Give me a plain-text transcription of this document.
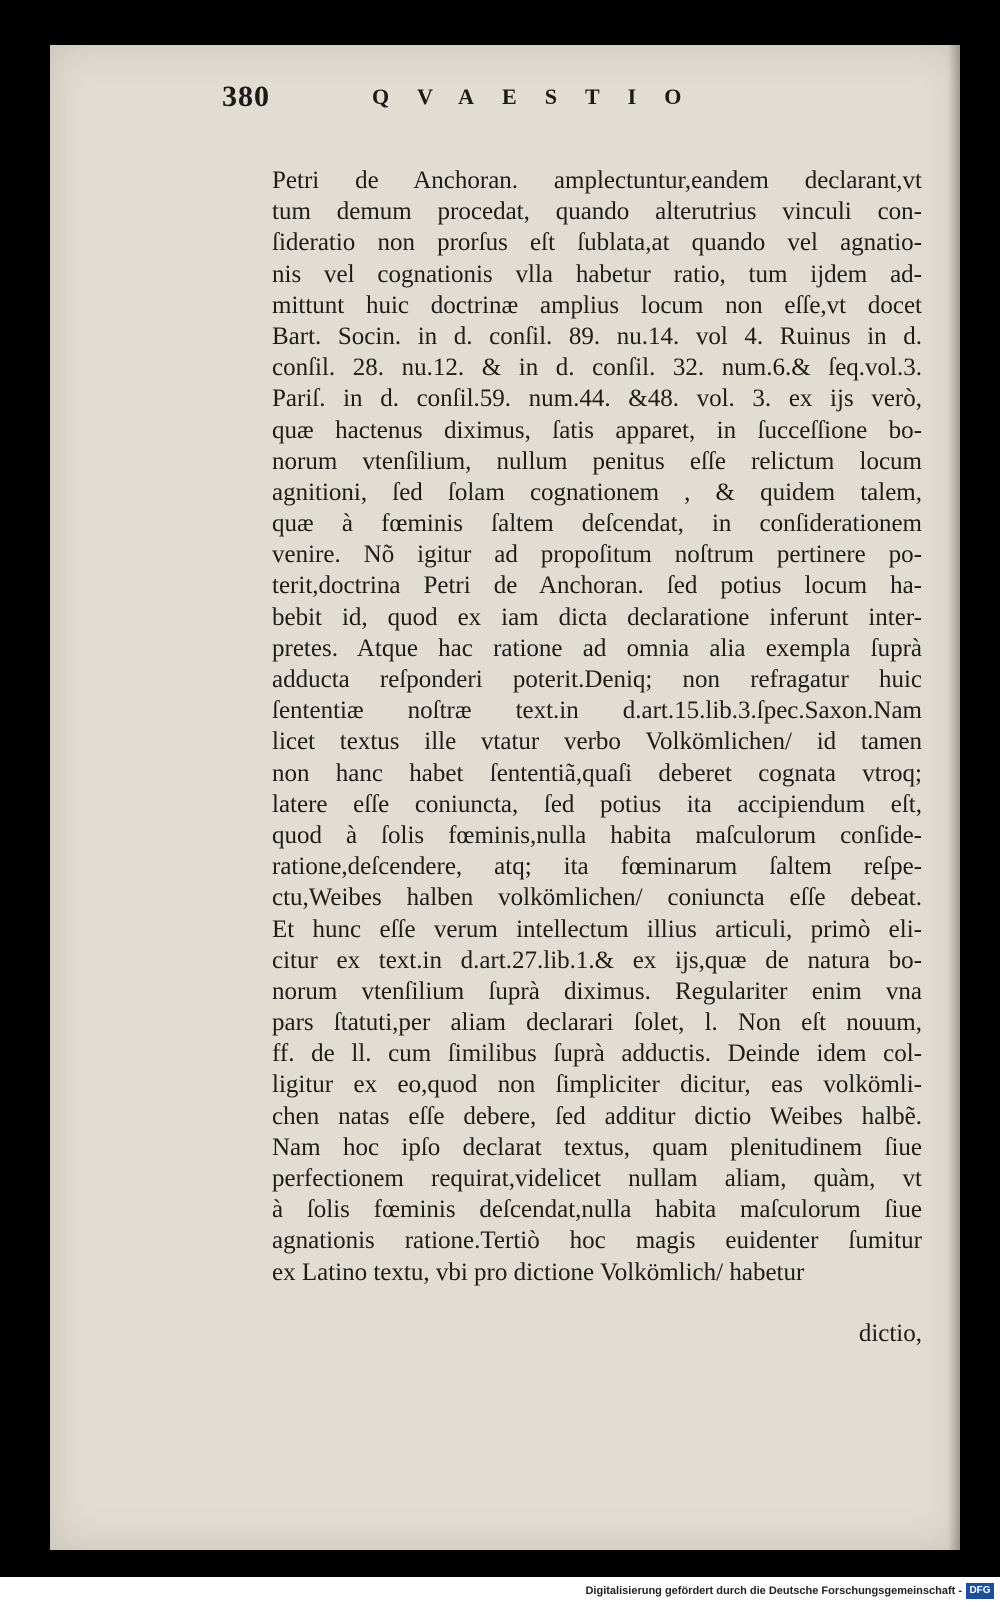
380	QVAESTIO
Petri de Anchoran. amplectuntur,eandem declarant,vt
tum demum procedat, quando alterutrius vinculi con-
ſideratio non prorſus eſt ſublata,at quando vel agnatio-
nis vel cognationis vlla habetur ratio, tum ijdem ad-
mittunt huic doctrinæ amplius locum non eſſe,vt docet
Bart. Socin. in d. conſil. 89. nu.14. vol 4. Ruinus in d.
conſil. 28. nu.12. & in d. conſil. 32. num.6.& ſeq.vol.3.
Pariſ. in d. conſil.59. num.44. &48. vol. 3. ex ijs verò,
quæ hactenus diximus, ſatis apparet, in ſucceſſione bo-
norum vtenſilium, nullum penitus eſſe relictum locum
agnitioni, ſed ſolam cognationem , & quidem talem,
quæ à fœminis ſaltem deſcendat, in conſiderationem
venire. Nõ igitur ad propoſitum noſtrum pertinere po-
terit,doctrina Petri de Anchoran. ſed potius locum ha-
bebit id, quod ex iam dicta declaratione inferunt inter-
pretes. Atque hac ratione ad omnia alia exempla ſuprà
adducta reſponderi poterit.Deniq; non refragatur huic
ſententiæ noſtræ text.in d.art.15.lib.3.ſpec.Saxon.Nam
licet textus ille vtatur verbo Volkömlichen/ id tamen
non hanc habet ſententiã,quaſi deberet cognata vtroq;
latere eſſe coniuncta, ſed potius ita accipiendum eſt,
quod à ſolis fœminis,nulla habita maſculorum conſide-
ratione,deſcendere, atq; ita fœminarum ſaltem reſpe-
ctu,Weibes halben volkömlichen/ coniuncta eſſe debeat.
Et hunc eſſe verum intellectum illius articuli, primò eli-
citur ex text.in d.art.27.lib.1.& ex ijs,quæ de natura bo-
norum vtenſilium ſuprà diximus. Regulariter enim vna
pars ſtatuti,per aliam declarari ſolet, l. Non eſt nouum,
ff. de ll. cum ſimilibus ſuprà adductis. Deinde idem col-
ligitur ex eo,quod non ſimpliciter dicitur, eas volkömli-
chen natas eſſe debere, ſed additur dictio Weibes halbẽ.
Nam hoc ipſo declarat textus, quam plenitudinem ſiue
perfectionem requirat,videlicet nullam aliam, quàm, vt
à ſolis fœminis deſcendat,nulla habita maſculorum ſiue
agnationis ratione.Tertiò hoc magis euidenter ſumitur
ex Latino textu, vbi pro dictione Volkömlich/ habetur
dictio,
Digitalisierung gefördert durch die Deutsche Forschungsgemeinschaft - DFG
